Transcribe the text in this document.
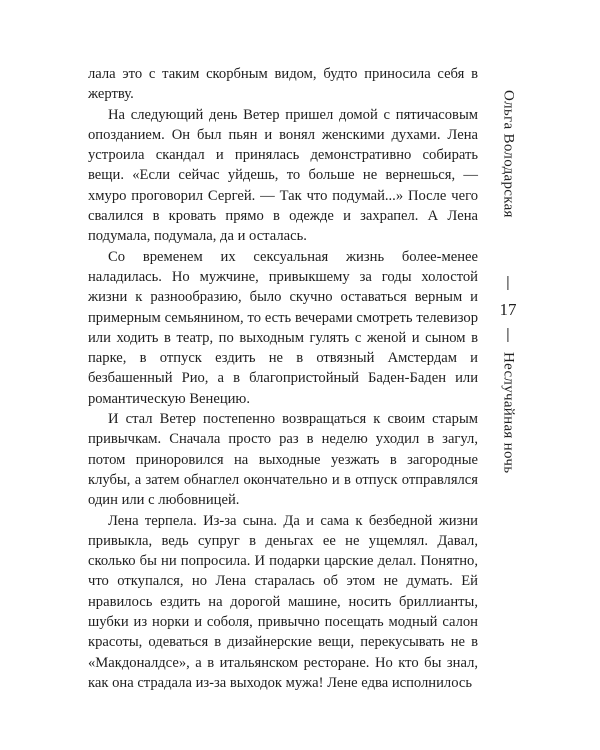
лала это с таким скорбным видом, будто приносила себя в жертву.

На следующий день Ветер пришел домой с пятичасовым опозданием. Он был пьян и вонял женскими духами. Лена устроила скандал и принялась демонстративно собирать вещи. «Если сейчас уйдешь, то больше не вернешься, — хмуро проговорил Сергей. — Так что подумай...» После чего свалился в кровать прямо в одежде и захрапел. А Лена подумала, подумала, да и осталась.

Со временем их сексуальная жизнь более-менее наладилась. Но мужчине, привыкшему за годы холостой жизни к разнообразию, было скучно оставаться верным и примерным семьянином, то есть вечерами смотреть телевизор или ходить в театр, по выходным гулять с женой и сыном в парке, в отпуск ездить не в отвязный Амстердам и безбашенный Рио, а в благопристойный Баден-Баден или романтическую Венецию.

И стал Ветер постепенно возвращаться к своим старым привычкам. Сначала просто раз в неделю уходил в загул, потом приноровился на выходные уезжать в загородные клубы, а затем обнаглел окончательно и в отпуск отправлялся один или с любовницей.

Лена терпела. Из-за сына. Да и сама к безбедной жизни привыкла, ведь супруг в деньгах ее не ущемлял. Давал, сколько бы ни попросила. И подарки царские делал. Понятно, что откупался, но Лена старалась об этом не думать. Ей нравилось ездить на дорогой машине, носить бриллианты, шубки из норки и соболя, привычно посещать модный салон красоты, одеваться в дизайнерские вещи, перекусывать не в «Макдоналдсе», а в итальянском ресторане. Но кто бы знал, как она страдала из-за выходок мужа! Лене едва исполнилось

Ольга Володарская
17
Неслучайная ночь
